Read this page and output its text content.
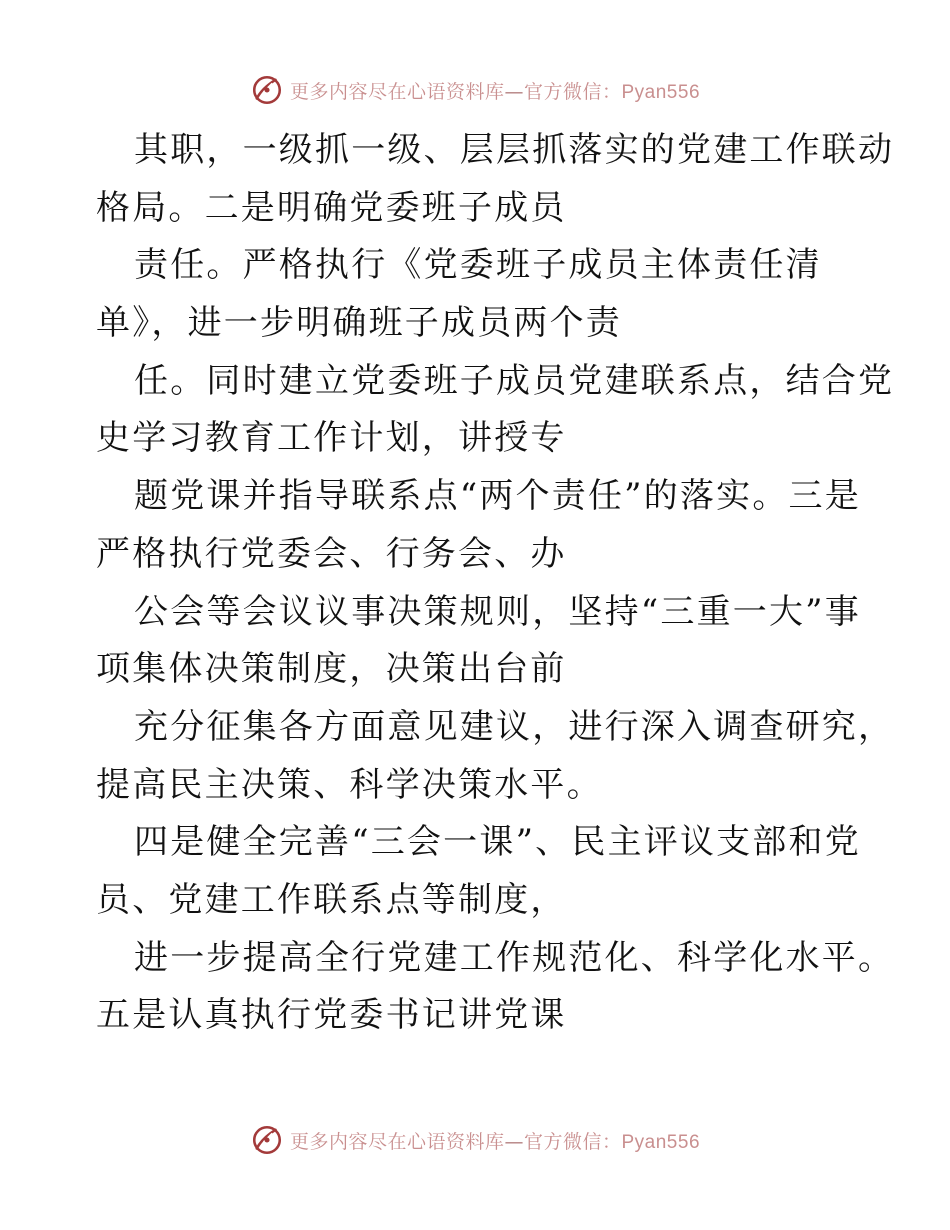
更多内容尽在心语资料库—官方微信：Pyan556
其职，一级抓一级、层层抓落实的党建工作联动
格局。二是明确党委班子成员
责任。严格执行《党委班子成员主体责任清
单》，进一步明确班子成员两个责
任。同时建立党委班子成员党建联系点，结合党
史学习教育工作计划，讲授专
题党课并指导联系点“两个责任”的落实。三是
严格执行党委会、行务会、办
公会等会议议事决策规则，坚持“三重一大”事
项集体决策制度，决策出台前
充分征集各方面意见建议，进行深入调查研究，
提高民主决策、科学决策水平。
四是健全完善“三会一课”、民主评议支部和党
员、党建工作联系点等制度，
进一步提高全行党建工作规范化、科学化水平。
五是认真执行党委书记讲党课
更多内容尽在心语资料库—官方微信：Pyan556
